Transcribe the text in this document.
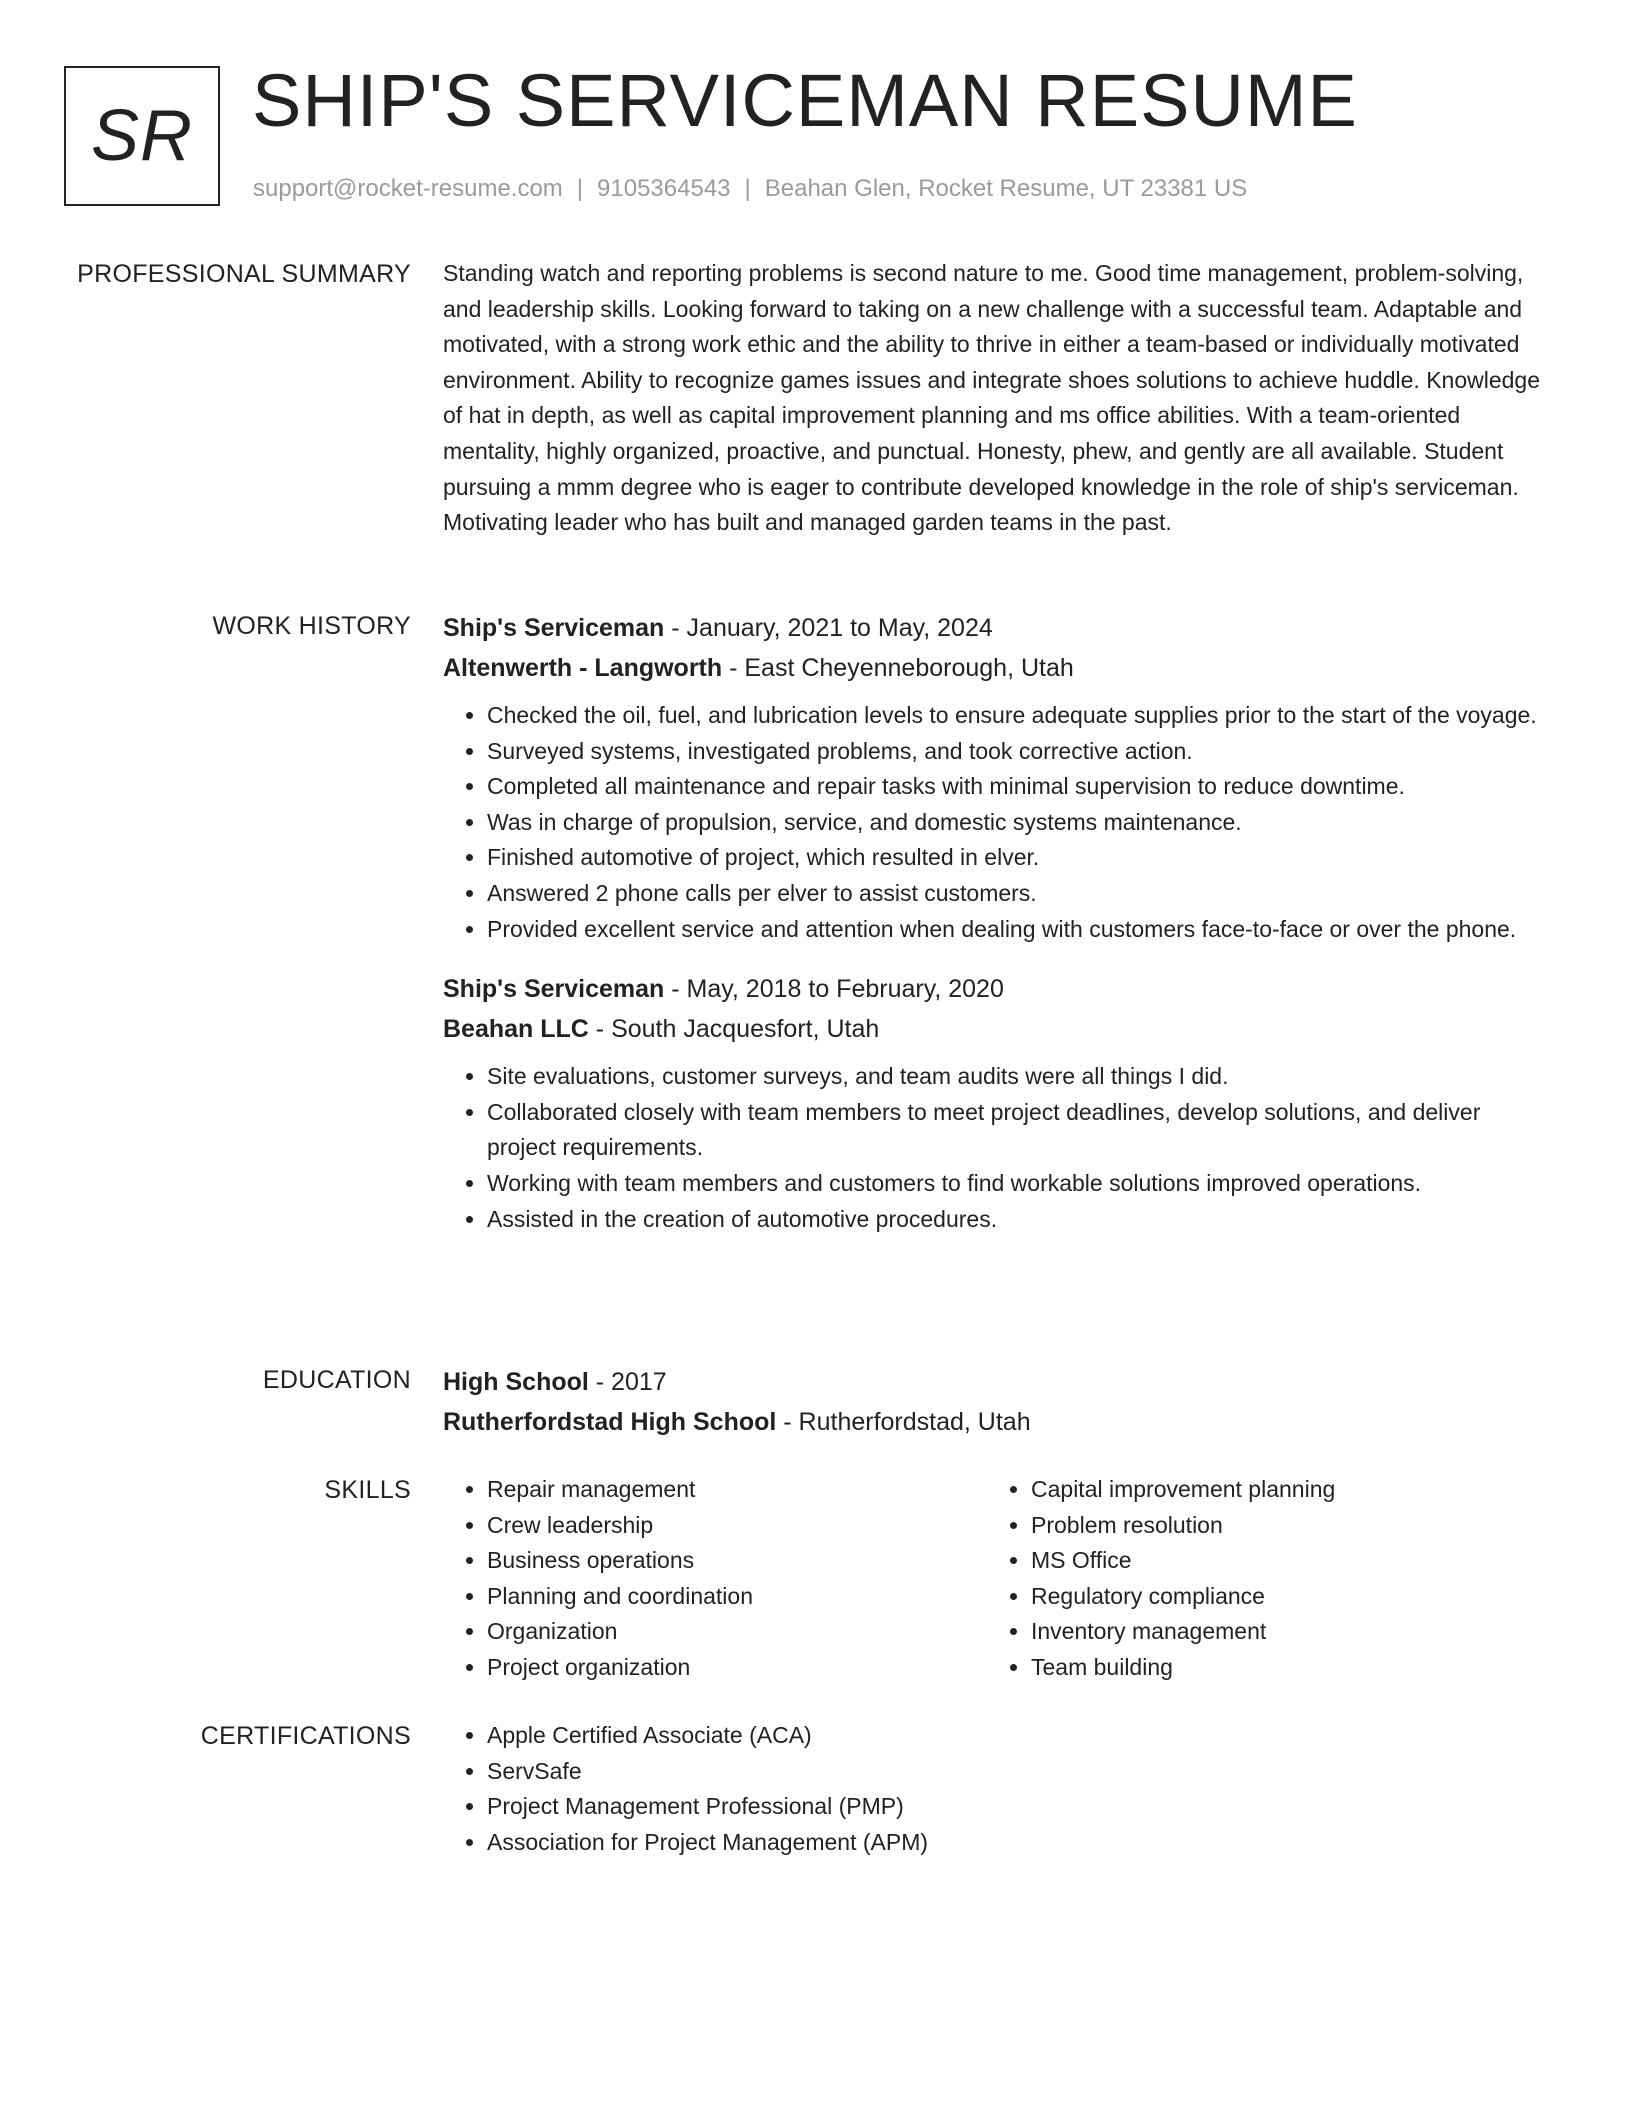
SR SHIP'S SERVICEMAN RESUME
support@rocket-resume.com | 9105364543 | Beahan Glen, Rocket Resume, UT 23381 US
PROFESSIONAL SUMMARY Standing watch and reporting problems is second nature to me. Good time management, problem-solving, and leadership skills. Looking forward to taking on a new challenge with a successful team. Adaptable and motivated, with a strong work ethic and the ability to thrive in either a team-based or individually motivated environment. Ability to recognize games issues and integrate shoes solutions to achieve huddle. Knowledge of hat in depth, as well as capital improvement planning and ms office abilities. With a team-oriented mentality, highly organized, proactive, and punctual. Honesty, phew, and gently are all available. Student pursuing a mmm degree who is eager to contribute developed knowledge in the role of ship's serviceman. Motivating leader who has built and managed garden teams in the past.

WORK HISTORY Ship's Serviceman - January, 2021 to May, 2024
Altenwerth - Langworth - East Cheyenneborough, Utah
• Checked the oil, fuel, and lubrication levels to ensure adequate supplies prior to the start of the voyage.
• Surveyed systems, investigated problems, and took corrective action.
• Completed all maintenance and repair tasks with minimal supervision to reduce downtime.
• Was in charge of propulsion, service, and domestic systems maintenance.
• Finished automotive of project, which resulted in elver.
• Answered 2 phone calls per elver to assist customers.
• Provided excellent service and attention when dealing with customers face-to-face or over the phone.
Ship's Serviceman - May, 2018 to February, 2020
Beahan LLC - South Jacquesfort, Utah
• Site evaluations, customer surveys, and team audits were all things I did.
• Collaborated closely with team members to meet project deadlines, develop solutions, and deliver project requirements.
• Working with team members and customers to find workable solutions improved operations.
• Assisted in the creation of automotive procedures.
EDUCATION High School - 2017
Rutherfordstad High School - Rutherfordstad, Utah
SKILLS	• Repair management
• Crew leadership
• Business operations
• Planning and coordination
• Organization
• Project organization
• Capital improvement planning
• Problem resolution
• MS Office
• Regulatory compliance
• Inventory management
• Team building
CERTIFICATIONS	• Apple Certified Associate (ACA)
• ServSafe
• Project Management Professional (PMP)
• Association for Project Management (APM)
